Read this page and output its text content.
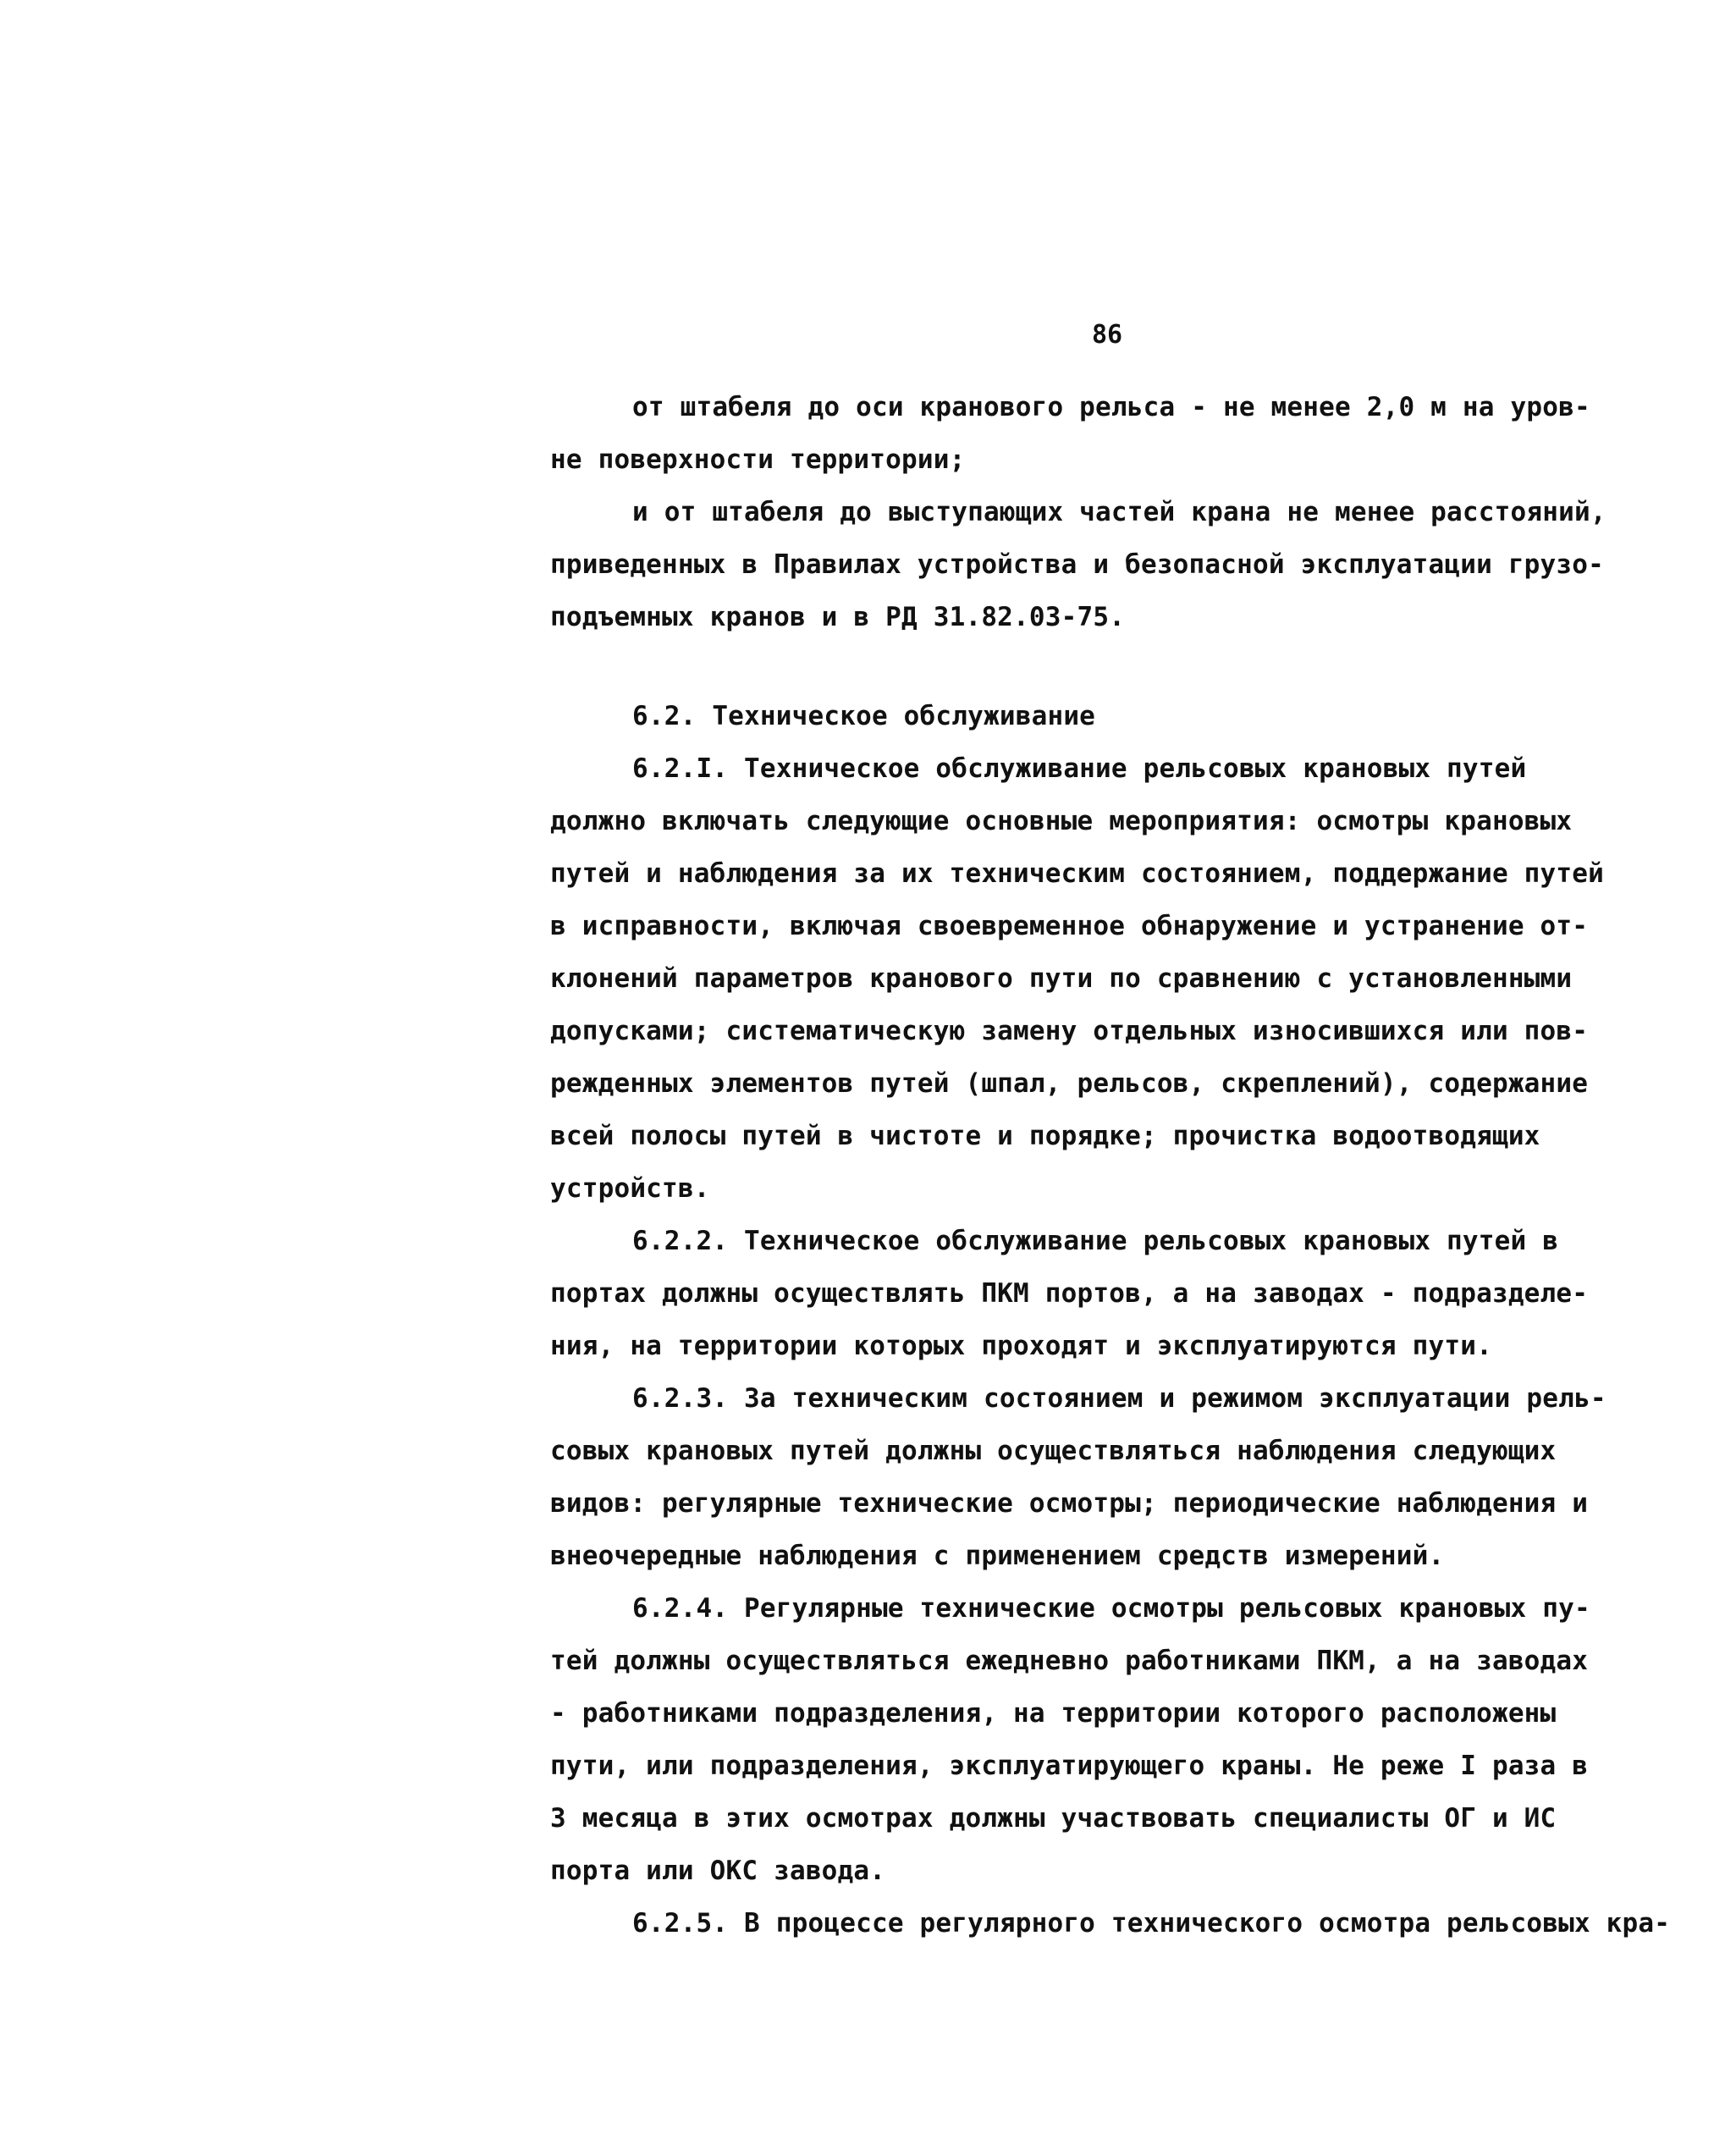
86
от штабеля до оси кранового рельса - не менее 2,0 м на уров-
не поверхности территории;
и от штабеля до выступающих частей крана не менее расстояний,
приведенных в Правилах устройства и безопасной эксплуатации грузо-
подъемных кранов и в РД 31.82.03-75.
6.2. Техническое обслуживание
6.2.I. Техническое обслуживание рельсовых крановых путей
должно включать следующие основные мероприятия: осмотры крановых
путей и наблюдения за их техническим состоянием, поддержание путей
в исправности, включая своевременное обнаружение и устранение от-
клонений параметров кранового пути по сравнению с установленными
допусками; систематическую замену отдельных износившихся или пов-
режденных элементов путей (шпал, рельсов, скреплений), содержание
всей полосы путей в чистоте и порядке; прочистка водоотводящих
устройств.
6.2.2. Техническое обслуживание рельсовых крановых путей в
портах должны осуществлять ПКМ портов, а на заводах - подразделе-
ния, на территории которых проходят и эксплуатируются пути.
6.2.3. За техническим состоянием и режимом эксплуатации рель-
совых крановых путей должны осуществляться наблюдения следующих
видов: регулярные технические осмотры; периодические наблюдения и
внеочередные наблюдения с применением средств измерений.
6.2.4. Регулярные технические осмотры рельсовых крановых пу-
тей должны осуществляться ежедневно работниками ПКМ, а на заводах
- работниками подразделения, на территории которого расположены
пути, или подразделения, эксплуатирующего краны. Не реже I раза в
3 месяца в этих осмотрах должны участвовать специалисты ОГ и ИС
порта или ОКС завода.
6.2.5. В процессе регулярного технического осмотра рельсовых кра-
